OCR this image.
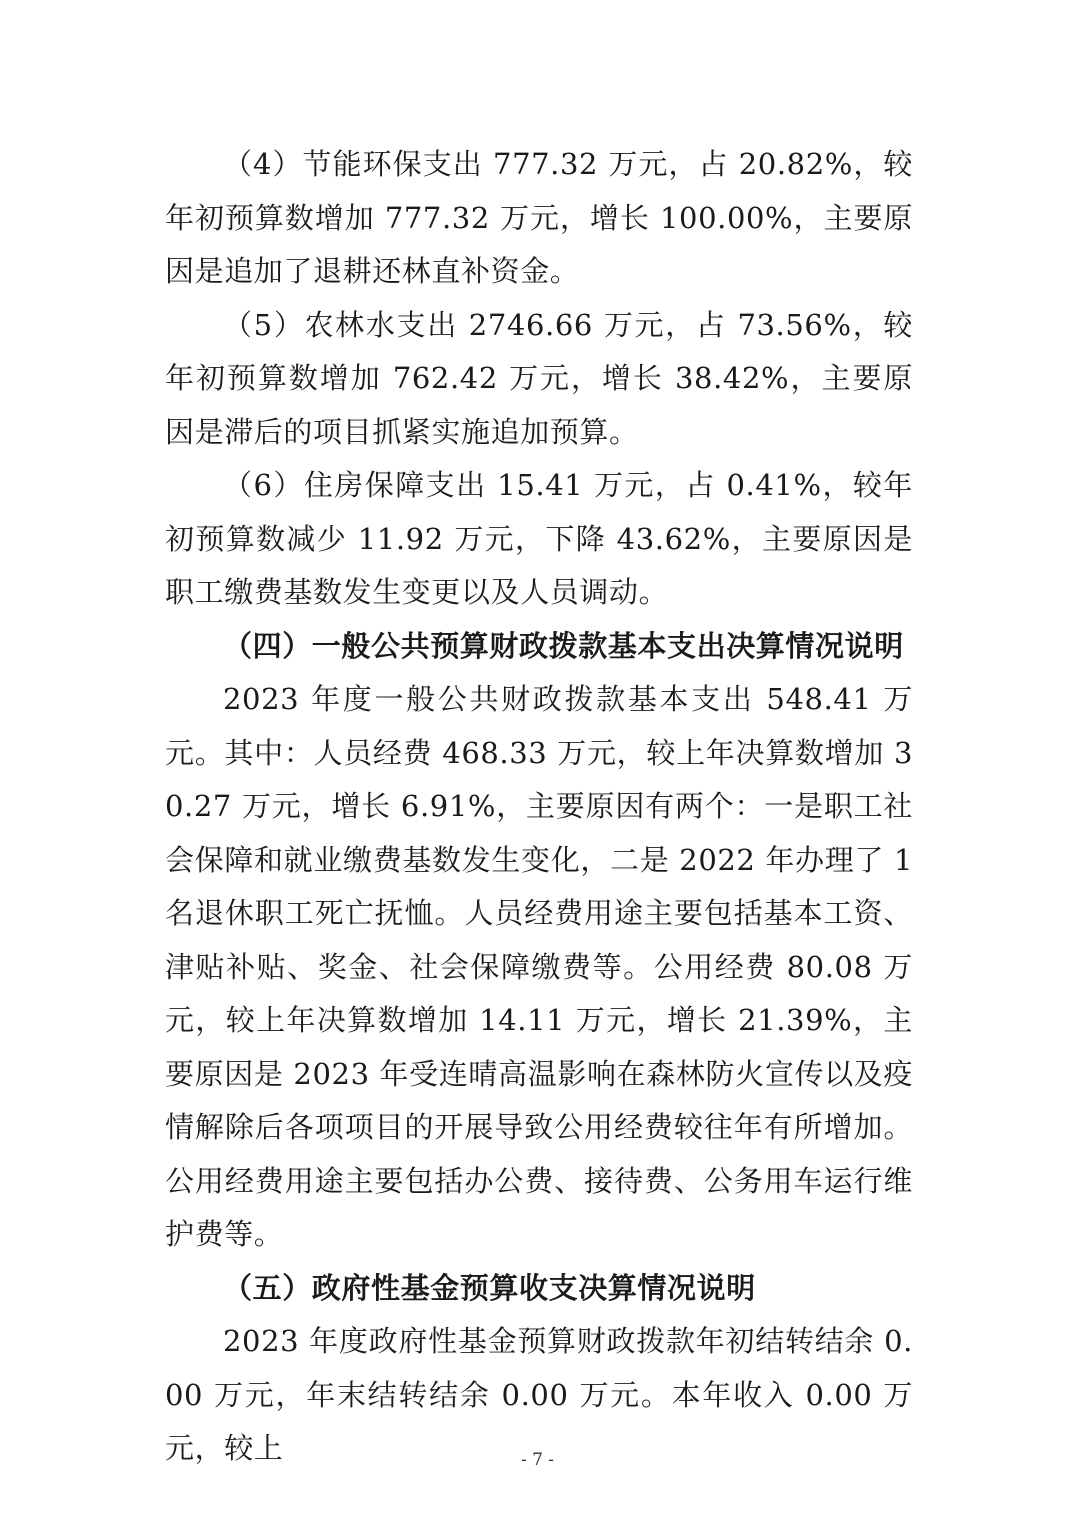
（4）节能环保支出 777.32 万元，占 20.82%，较年初预算数增加 777.32 万元，增长 100.00%，主要原因是追加了退耕还林直补资金。

（5）农林水支出 2746.66 万元，占 73.56%，较年初预算数增加 762.42 万元，增长 38.42%，主要原因是滞后的项目抓紧实施追加预算。

（6）住房保障支出 15.41 万元，占 0.41%，较年初预算数减少 11.92 万元，下降 43.62%，主要原因是职工缴费基数发生变更以及人员调动。

（四）一般公共预算财政拨款基本支出决算情况说明

2023 年度一般公共财政拨款基本支出 548.41 万元。其中：人员经费 468.33 万元，较上年决算数增加 30.27 万元，增长 6.91%，主要原因有两个：一是职工社会保障和就业缴费基数发生变化，二是 2022 年办理了 1 名退休职工死亡抚恤。人员经费用途主要包括基本工资、津贴补贴、奖金、社会保障缴费等。公用经费 80.08 万元，较上年决算数增加 14.11 万元，增长 21.39%，主要原因是 2023 年受连晴高温影响在森林防火宣传以及疫情解除后各项项目的开展导致公用经费较往年有所增加。公用经费用途主要包括办公费、接待费、公务用车运行维护费等。

（五）政府性基金预算收支决算情况说明

2023 年度政府性基金预算财政拨款年初结转结余 0.00 万元，年末结转结余 0.00 万元。本年收入 0.00 万元，较上	- 7 -
